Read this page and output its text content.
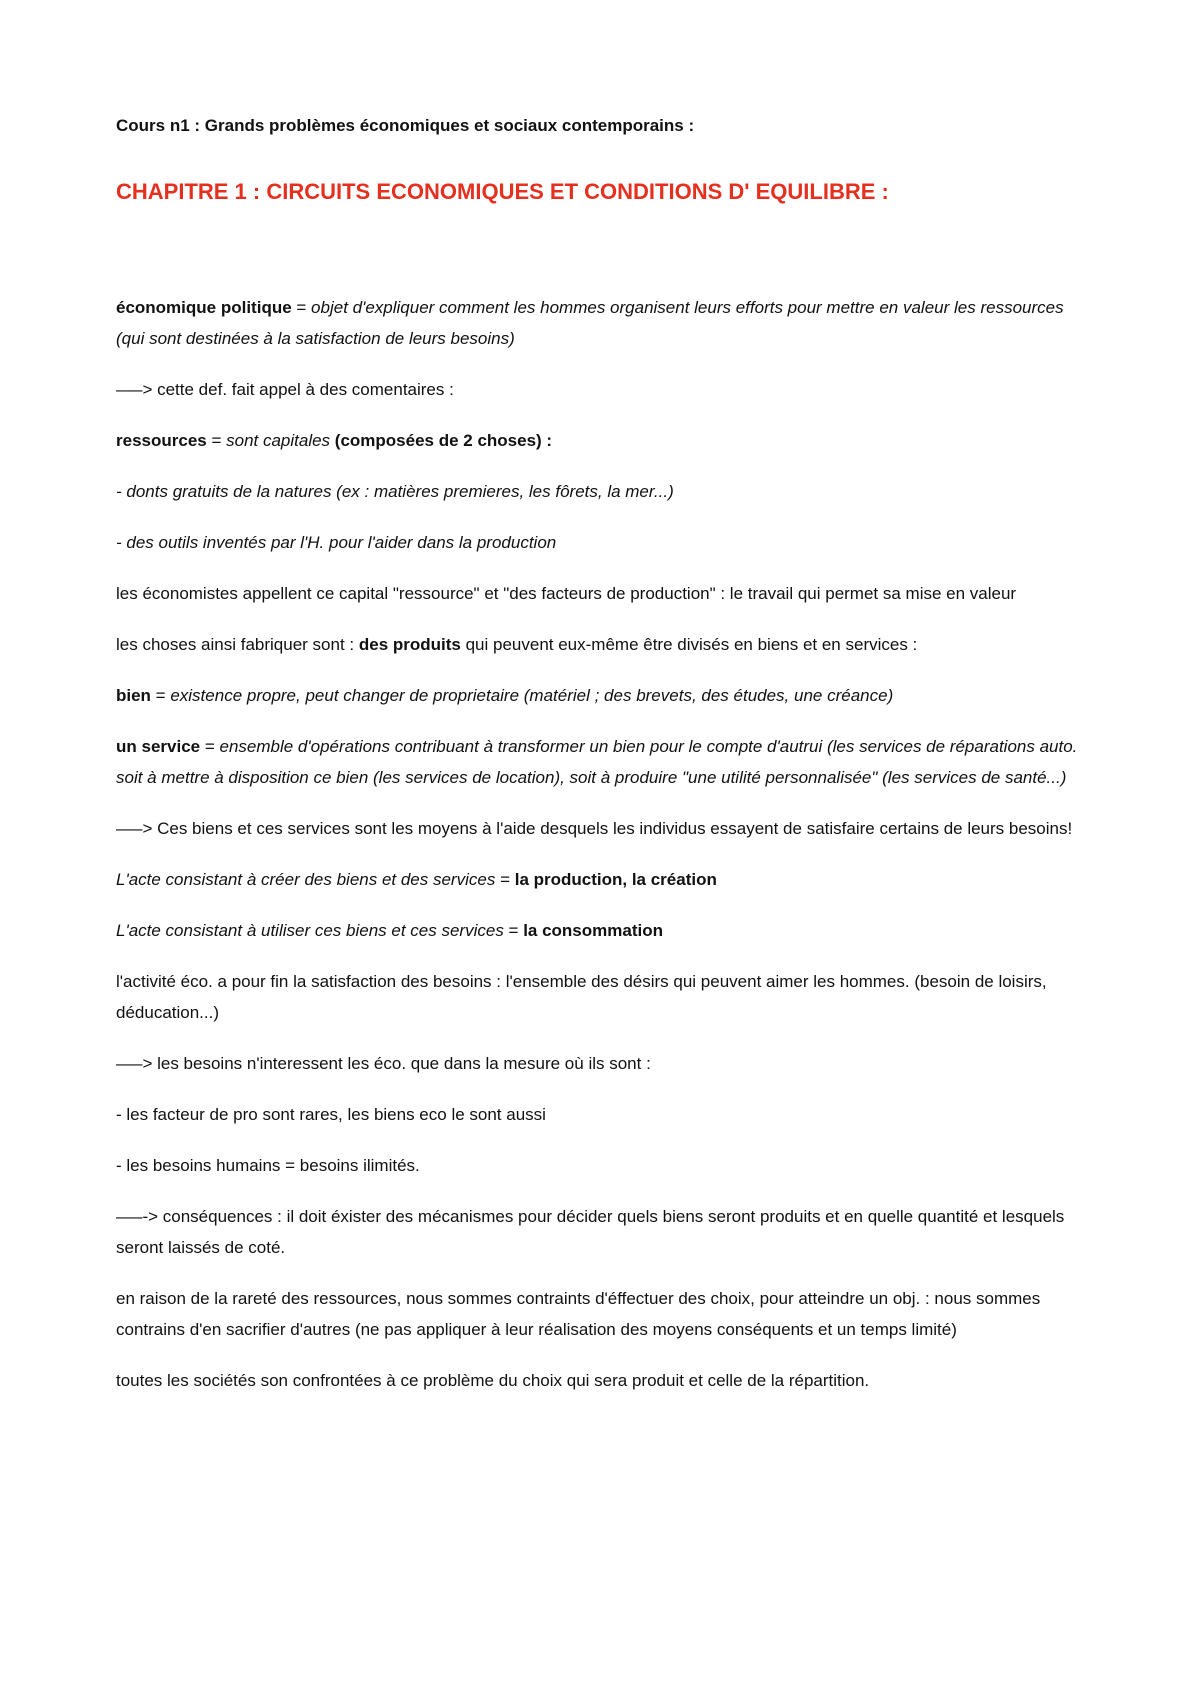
Cours n1 : Grands problèmes économiques et sociaux contemporains :

CHAPITRE 1 : CIRCUITS ECONOMIQUES ET CONDITIONS D' EQUILIBRE :

économique politique = objet d'expliquer comment les hommes organisent leurs efforts pour mettre en valeur les ressources (qui sont destinées à la satisfaction de leurs besoins)

–—> cette def. fait appel à des comentaires :

ressources = sont capitales (composées de 2 choses) :

- donts gratuits de la natures (ex : matières premieres, les fôrets, la mer...)

- des outils inventés par l'H. pour l'aider dans la production

les économistes appellent ce capital "ressource" et "des facteurs de production" : le travail qui permet sa mise en valeur

les choses ainsi fabriquer sont : des produits qui peuvent eux-même être divisés en biens et en services :

bien = existence propre, peut changer de proprietaire (matériel ; des brevets, des études, une créance)

un service = ensemble d'opérations contribuant à transformer un bien pour le compte d'autrui (les services de réparations auto. soit à mettre à disposition ce bien (les services de location), soit à produire "une utilité personnalisée" (les services de santé...)

–—> Ces biens et ces services sont les moyens à l'aide desquels les individus essayent de satisfaire certains de leurs besoins!

L'acte consistant à créer des biens et des services = la production, la création

L'acte consistant à utiliser ces biens et ces services = la consommation

l'activité éco. a pour fin la satisfaction des besoins : l'ensemble des désirs qui peuvent aimer les hommes. (besoin de loisirs, déducation...)

–—> les besoins n'interessent les éco. que dans la mesure où ils sont :

- les facteur de pro sont rares, les biens eco le sont aussi

- les besoins humains = besoins ilimités.

–—-> conséquences : il doit éxister des mécanismes pour décider quels biens seront produits et en quelle quantité et lesquels seront laissés de coté.

en raison de la rareté des ressources, nous sommes contraints d'éffectuer des choix, pour atteindre un obj. : nous sommes contrains d'en sacrifier d'autres (ne pas appliquer à leur réalisation des moyens conséquents et un temps limité)

toutes les sociétés son confrontées à ce problème du choix qui sera produit et celle de la répartition.
